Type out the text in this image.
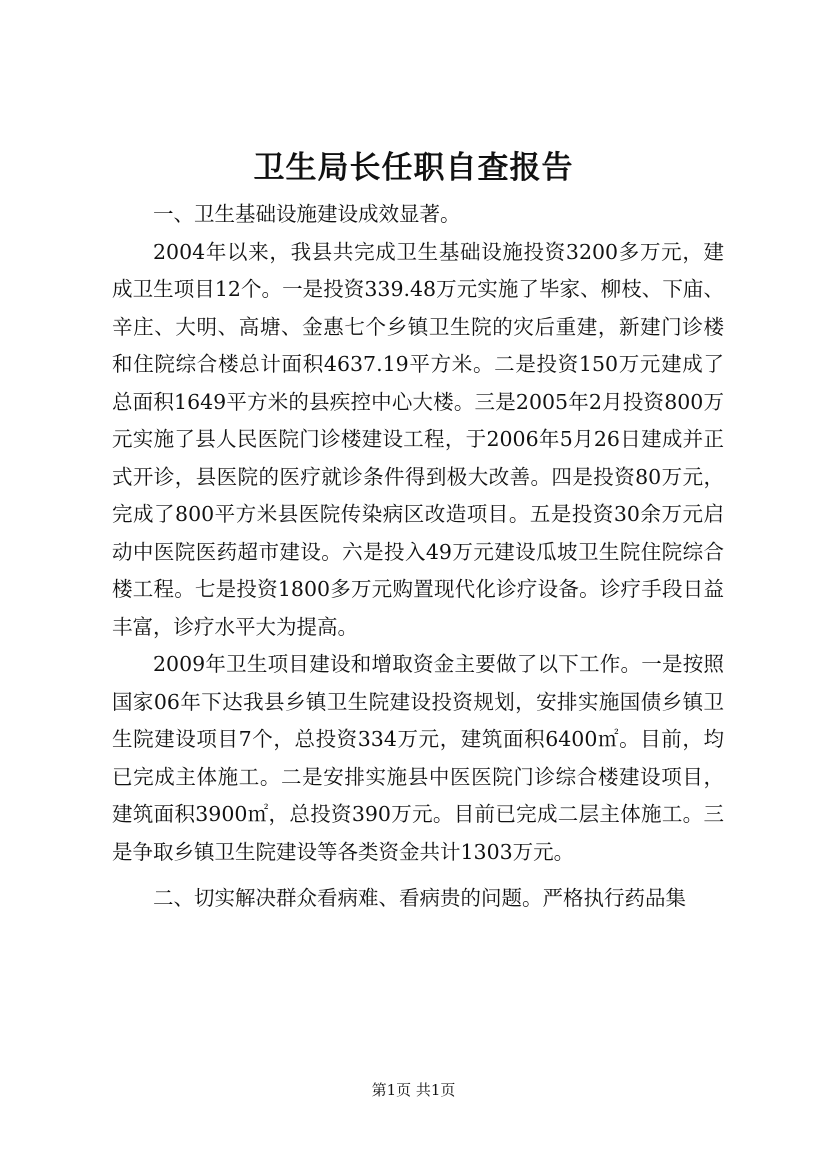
卫生局长任职自查报告

一、卫生基础设施建设成效显著。

2004年以来，我县共完成卫生基础设施投资3200多万元，建成卫生项目12个。一是投资339.48万元实施了毕家、柳枝、下庙、辛庄、大明、高塘、金惠七个乡镇卫生院的灾后重建，新建门诊楼和住院综合楼总计面积4637.19平方米。二是投资150万元建成了总面积1649平方米的县疾控中心大楼。三是2005年2月投资800万元实施了县人民医院门诊楼建设工程，于2006年5月26日建成并正式开诊，县医院的医疗就诊条件得到极大改善。四是投资80万元，完成了800平方米县医院传染病区改造项目。五是投资30余万元启动中医院医药超市建设。六是投入49万元建设瓜坡卫生院住院综合楼工程。七是投资1800多万元购置现代化诊疗设备。诊疗手段日益丰富，诊疗水平大为提高。

2009年卫生项目建设和增取资金主要做了以下工作。一是按照国家06年下达我县乡镇卫生院建设投资规划，安排实施国债乡镇卫生院建设项目7个，总投资334万元，建筑面积6400㎡。目前，均已完成主体施工。二是安排实施县中医医院门诊综合楼建设项目，建筑面积3900㎡，总投资390万元。目前已完成二层主体施工。三是争取乡镇卫生院建设等各类资金共计1303万元。

二、切实解决群众看病难、看病贵的问题。严格执行药品集

第1页 共1页
